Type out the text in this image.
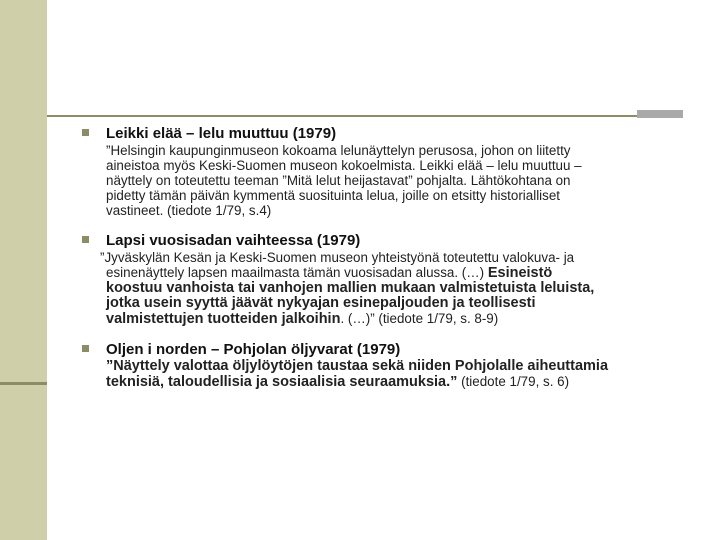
Leikki elää – lelu muuttuu (1979)
”Helsingin kaupunginmuseon kokoama lelunäyttelyn perusosa, johon on liitetty
aineistoa myös Keski-Suomen museon kokoelmista. Leikki elää – lelu muuttuu –
näyttely on toteutettu teeman ”Mitä lelut heijastavat” pohjalta. Lähtökohtana on
pidetty tämän päivän kymmentä suosituinta lelua, joille on etsitty historialliset
vastineet. (tiedote 1/79, s.4)
Lapsi vuosisadan vaihteessa (1979)
”Jyväskylän Kesän ja Keski-Suomen museon yhteistyönä toteutettu valokuva- ja
esinenäyttely lapsen maailmasta tämän vuosisadan alussa. (…) Esineistö
koostuu vanhoista tai vanhojen mallien mukaan valmistetuista leluista,
jotka usein syyttä jäävät nykyajan esinepaljouden ja teollisesti
valmistettujen tuotteiden jalkoihin. (…)” (tiedote 1/79, s. 8-9)
Oljen i norden – Pohjolan öljyvarat (1979)
”Näyttely valottaa öljylöytöjen taustaa sekä niiden Pohjolalle aiheuttamia
teknisiä, taloudellisia ja sosiaalisia seuraamuksia.” (tiedote 1/79, s. 6)
